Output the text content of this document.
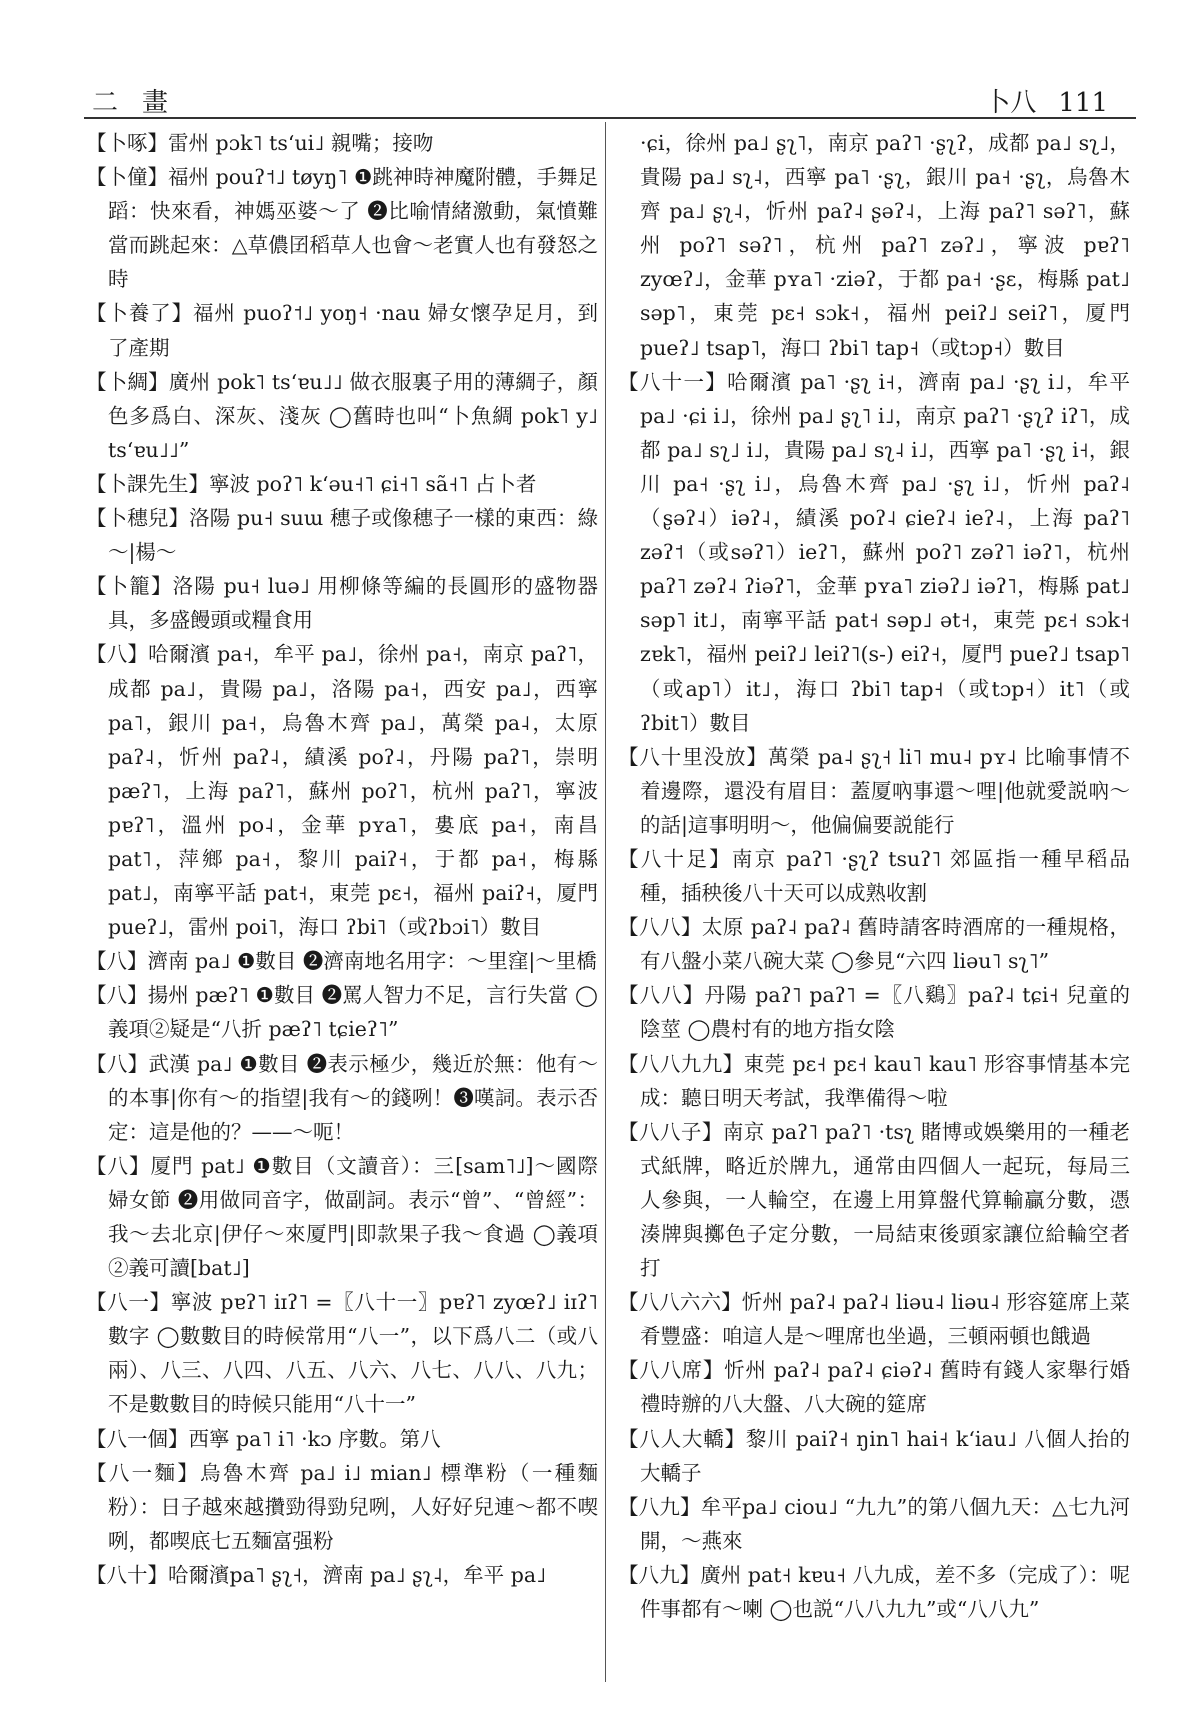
二畫	卜八 111

【卜啄】雷州 pɔk˥ tsʻui˩ 親嘴；接吻

【卜僮】福州 pouʔ˦˩ tøyŋ˥ ❶跳神時神魔附體，手舞足蹈：快來看，神媽巫婆～了 ❷比喻情緒激動，氣憤難當而跳起來：△草儂囝稻草人也會～老實人也有發怒之時

【卜養了】福州 puoʔ˦˩ yoŋ˧ ·nau 婦女懷孕足月，到了產期

【卜綢】廣州 pok˥ tsʻɐu˩˩ 做衣服裏子用的薄綢子，顏色多爲白、深灰、淺灰 ◯舊時也叫“卜魚綢 pok˥ y˩ tsʻɐu˩˩”

【卜課先生】寧波 poʔ˥ kʻəu˧˥ ɕi˧˥ sã˧˥ 占卜者

【卜穗兒】洛陽 pu˧ suɯ 穗子或像穗子一樣的東西：綠～|楊～

【卜籠】洛陽 pu˧ luə˩ 用柳條等編的長圓形的盛物器具，多盛饅頭或糧食用

【八】哈爾濱 pa˧，牟平 pa˩，徐州 pa˧，南京 paʔ˥，成都 pa˩，貴陽 pa˩，洛陽 pa˧，西安 pa˩，西寧 pa˥，銀川 pa˧，烏魯木齊 pa˩，萬榮 pa˨，太原 paʔ˨，忻州 paʔ˨，績溪 poʔ˨，丹陽 paʔ˥，崇明 pæʔ˥，上海 paʔ˥，蘇州 poʔ˥，杭州 paʔ˥，寧波 pɐʔ˥，溫州 po˨，金華 pʏa˥，婁底 pa˧，南昌 pat˥，萍鄉 pa˧，黎川 paiʔ˧，于都 pa˧，梅縣 pat˩，南寧平話 pat˧，東莞 pɛ˧，福州 paiʔ˧，厦門 pueʔ˩，雷州 poi˥，海口 ʔbi˥（或ʔbɔi˥）數目

【八】濟南 pa˩ ❶數目 ❷濟南地名用字：～里窪|～里橋

【八】揚州 pæʔ˥ ❶數目 ❷罵人智力不足，言行失當 ◯義項②疑是“八折 pæʔ˥ tɕieʔ˥”

【八】武漢 pa˩ ❶數目 ❷表示極少，幾近於無：他有～的本事|你有～的指望|我有～的錢咧！❸嘆詞。表示否定：這是他的？——～呃！

【八】厦門 pat˩ ❶數目（文讀音）：三[sam˥˩]～國際婦女節 ❷用做同音字，做副詞。表示“曾”、“曾經”：我～去北京|伊仔～來厦門|即款果子我～食過 ◯義項②義可讀[bat˩]

【八一】寧波 pɐʔ˥ iɪʔ˥ =〖八十一〗pɐʔ˥ zyœʔ˩ iɪʔ˥ 數字 ◯數數目的時候常用“八一”，以下爲八二（或八兩）、八三、八四、八五、八六、八七、八八、八九；不是數數目的時候只能用“八十一”

【八一個】西寧 pa˥ i˥ ·kɔ 序數。第八

【八一麵】烏魯木齊 pa˩ i˩ mian˩ 標準粉（一種麵粉）：日子越來越攢勁得勁兒咧，人好好兒連～都不喫咧，都喫底七五麵富强粉

【八十】哈爾濱pa˥ ʂʅ˧，濟南 pa˩ ʂʅ˨，牟平 pa˩

·ɕi，徐州 pa˩ ʂʅ˥，南京 paʔ˥ ·ʂʅʔ，成都 pa˩ sʅ˩，貴陽 pa˩ sʅ˨，西寧 pa˥ ·ʂʅ，銀川 pa˧ ·ʂʅ，烏魯木齊 pa˩ ʂʅ˨，忻州 paʔ˨ ʂəʔ˨，上海 paʔ˥ səʔ˥，蘇州 poʔ˥ səʔ˥，杭州 paʔ˥ zəʔ˩，寧波 pɐʔ˥ zyœʔ˩，金華 pʏa˥ ·ziəʔ，于都 pa˧ ·ʂɛ，梅縣 pat˩ səp˥，東莞 pɛ˧ sɔk˧，福州 peiʔ˩ seiʔ˥，厦門 pueʔ˩ tsap˥，海口 ʔbi˥ tap˧（或tɔp˧）數目

【八十一】哈爾濱 pa˥ ·ʂʅ i˧，濟南 pa˩ ·ʂʅ i˩，牟平 pa˩ ·ɕi i˩，徐州 pa˩ ʂʅ˥ i˩，南京 paʔ˥ ·ʂʅʔ iʔ˥，成都 pa˩ sʅ˩ i˩，貴陽 pa˩ sʅ˨ i˩，西寧 pa˥ ·ʂʅ i˧，銀川 pa˧ ·ʂʅ i˩，烏魯木齊 pa˩ ·ʂʅ i˩，忻州 paʔ˨（ʂəʔ˨）iəʔ˨，績溪 poʔ˨ ɕieʔ˨ ieʔ˨，上海 paʔ˥ zəʔ˦（或səʔ˥）ieʔ˥，蘇州 poʔ˥ zəʔ˥ iəʔ˥，杭州 paʔ˥ zəʔ˨ ʔiəʔ˥，金華 pʏa˥ ziəʔ˩ iəʔ˥，梅縣 pat˩ səp˥ it˩，南寧平話 pat˧ səp˩ ət˧，東莞 pɛ˧ sɔk˧ zɐk˥，福州 peiʔ˩ leiʔ˥(s-) eiʔ˧，厦門 pueʔ˩ tsap˥（或ap˥）it˩，海口 ʔbi˥ tap˧（或tɔp˧）it˥（或ʔbit˥）數目

【八十里没放】萬榮 pa˨ ʂʅ˧ li˥ mu˨ pʏ˨ 比喻事情不着邊際，還没有眉目：蓋厦吶事還～哩|他就愛説吶～的話|這事明明～，他偏偏要説能行

【八十足】南京 paʔ˥ ·ʂʅʔ tsuʔ˥ 郊區指一種早稻品種，插秧後八十天可以成熟收割

【八八】太原 paʔ˨ paʔ˨ 舊時請客時酒席的一種規格，有八盤小菜八碗大菜 ◯參見“六四 liəu˥ sʅ˥”

【八八】丹陽 paʔ˥ paʔ˥ =〖八鷄〗paʔ˨ tɕi˧ 兒童的陰莖 ◯農村有的地方指女陰

【八八九九】東莞 pɛ˧ pɛ˧ kau˥ kau˥ 形容事情基本完成：聽日明天考試，我準備得～啦

【八八子】南京 paʔ˥ paʔ˥ ·tsʅ 賭博或娛樂用的一種老式紙牌，略近於牌九，通常由四個人一起玩，每局三人參與，一人輪空，在邊上用算盤代算輸贏分數，憑湊牌與擲色子定分數，一局結束後頭家讓位給輪空者打

【八八六六】忻州 paʔ˨ paʔ˨ liəu˨ liəu˨ 形容筵席上菜肴豐盛：咱這人是～哩席也坐過，三頓兩頓也餓過

【八八席】忻州 paʔ˨ paʔ˨ ɕiəʔ˨ 舊時有錢人家舉行婚禮時辦的八大盤、八大碗的筵席

【八人大轎】黎川 paiʔ˧ ŋin˥ hai˧ kʻiau˩ 八個人抬的大轎子

【八九】牟平pa˩ ciou˩ “九九”的第八個九天：△七九河開，～燕來

【八九】廣州 pat˧ kɐu˧ 八九成，差不多（完成了）：呢件事都有～喇 ◯也説“八八九九”或“八八九”
